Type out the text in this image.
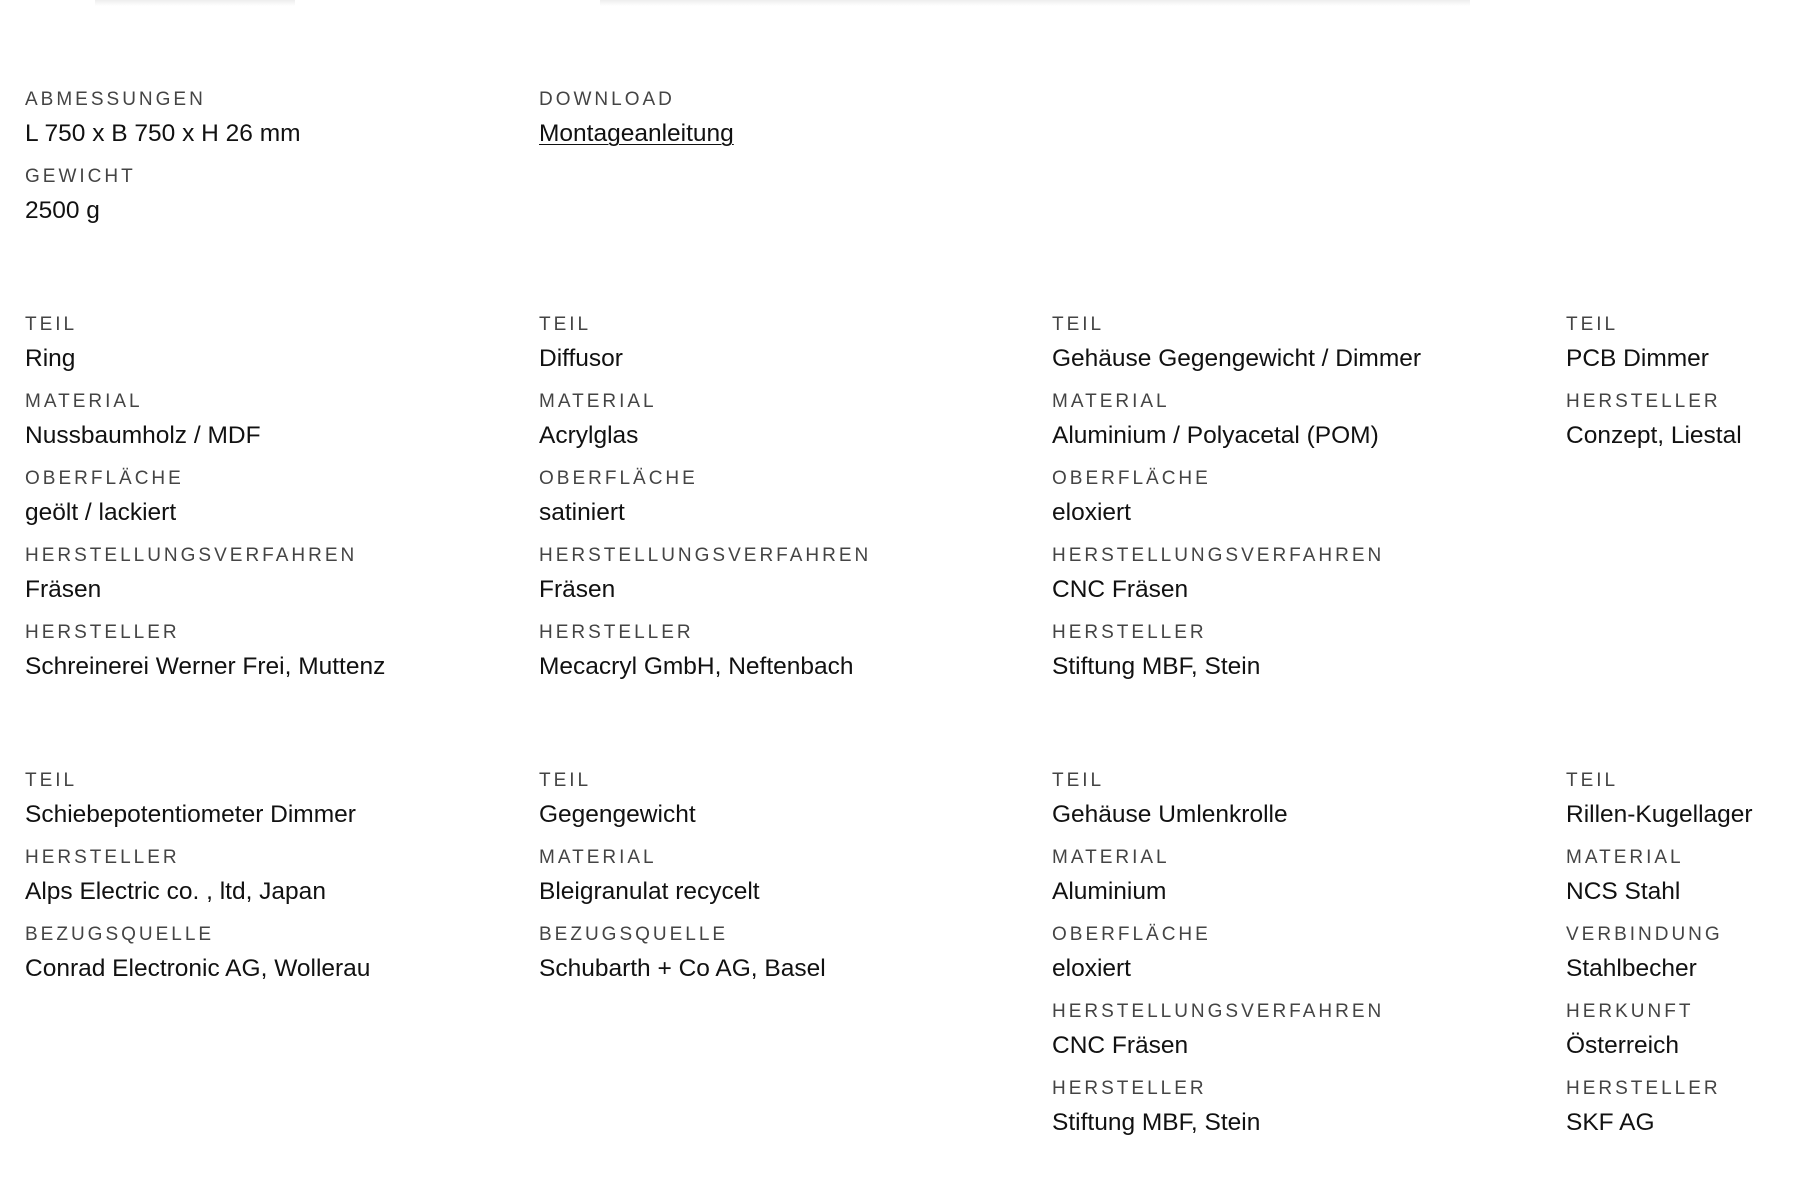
ABMESSUNGEN
L 750 x B 750 x H 26 mm
GEWICHT
2500 g
DOWNLOAD
Montageanleitung
TEIL
Ring
MATERIAL
Nussbaumholz / MDF
OBERFLÄCHE
geölt / lackiert
HERSTELLUNGSVERFAHREN
Fräsen
HERSTELLER
Schreinerei Werner Frei, Muttenz
TEIL
Diffusor
MATERIAL
Acrylglas
OBERFLÄCHE
satiniert
HERSTELLUNGSVERFAHREN
Fräsen
HERSTELLER
Mecacryl GmbH, Neftenbach
TEIL
Gehäuse Gegengewicht / Dimmer
MATERIAL
Aluminium / Polyacetal (POM)
OBERFLÄCHE
eloxiert
HERSTELLUNGSVERFAHREN
CNC Fräsen
HERSTELLER
Stiftung MBF, Stein
TEIL
PCB Dimmer
HERSTELLER
Conzept, Liestal
TEIL
Schiebepotentiometer Dimmer
HERSTELLER
Alps Electric co. , ltd, Japan
BEZUGSQUELLE
Conrad Electronic AG, Wollerau
TEIL
Gegengewicht
MATERIAL
Bleigranulat recycelt
BEZUGSQUELLE
Schubarth + Co AG, Basel
TEIL
Gehäuse Umlenkrolle
MATERIAL
Aluminium
OBERFLÄCHE
eloxiert
HERSTELLUNGSVERFAHREN
CNC Fräsen
HERSTELLER
Stiftung MBF, Stein
TEIL
Rillen-Kugellager
MATERIAL
NCS Stahl
VERBINDUNG
Stahlbecher
HERKUNFT
Österreich
HERSTELLER
SKF AG
